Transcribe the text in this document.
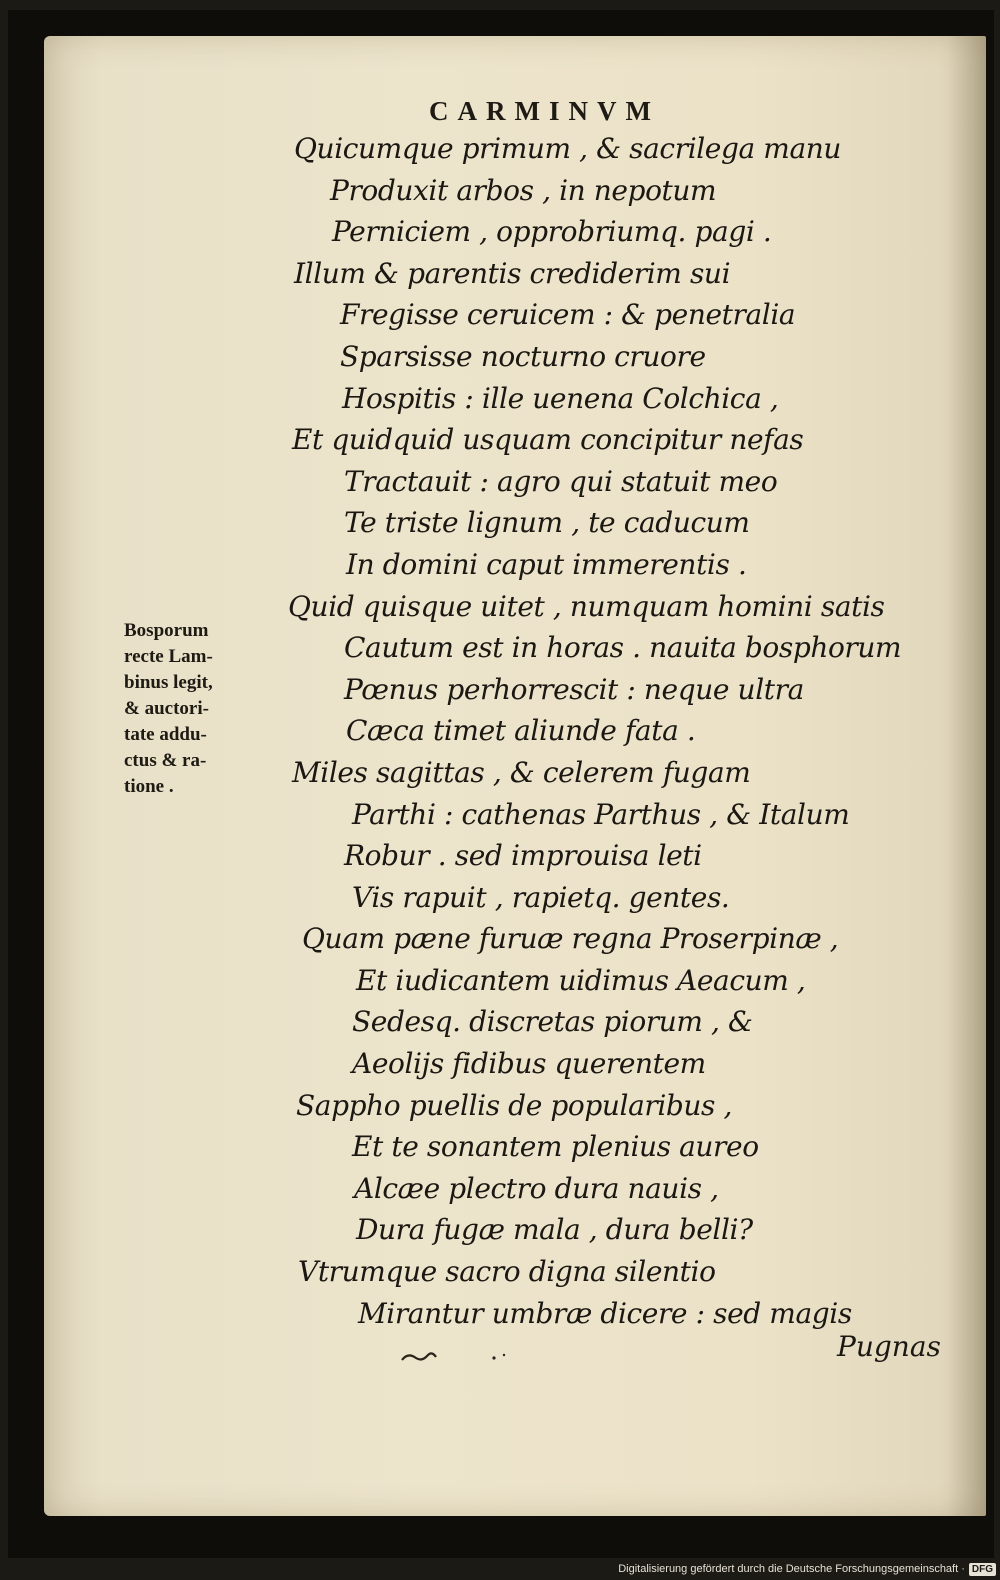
CARMINVM
Quicumque primum , & sacrilega manu
Produxit arbos , in nepotum
Perniciem , opprobriumq. pagi .
Illum & parentis crediderim sui
Fregisse ceruicem : & penetralia
Sparsisse nocturno cruore
Hospitis : ille uenena Colchica ,
Et quidquid usquam concipitur nefas
Tractauit : agro qui statuit meo
Te triste lignum , te caducum
In domini caput immerentis .
Quid quisque uitet , numquam homini satis
Cautum est in horas . nauita bosphorum
Pœnus perhorrescit : neque ultra
Cæca timet aliunde fata .
Miles sagittas , & celerem fugam
Parthi : cathenas Parthus , & Italum
Robur . sed improuisa leti
Vis rapuit , rapietq. gentes.
Quam pæne furuæ regna Proserpinæ ,
Et iudicantem uidimus Aeacum ,
Sedesq. discretas piorum , &
Aeolijs fidibus querentem
Sappho puellis de popularibus ,
Et te sonantem plenius aureo
Alcæe plectro dura nauis ,
Dura fugæ mala , dura belli?
Vtrumque sacro digna silentio
Mirantur umbræ dicere : sed magis
Bosporum
recte Lam-
binus legit,
& auctori-
tate addu-
ctus & ra-
tione .
Pugnas
Digitalisierung gefördert durch die Deutsche Forschungsgemeinschaft · DFG
